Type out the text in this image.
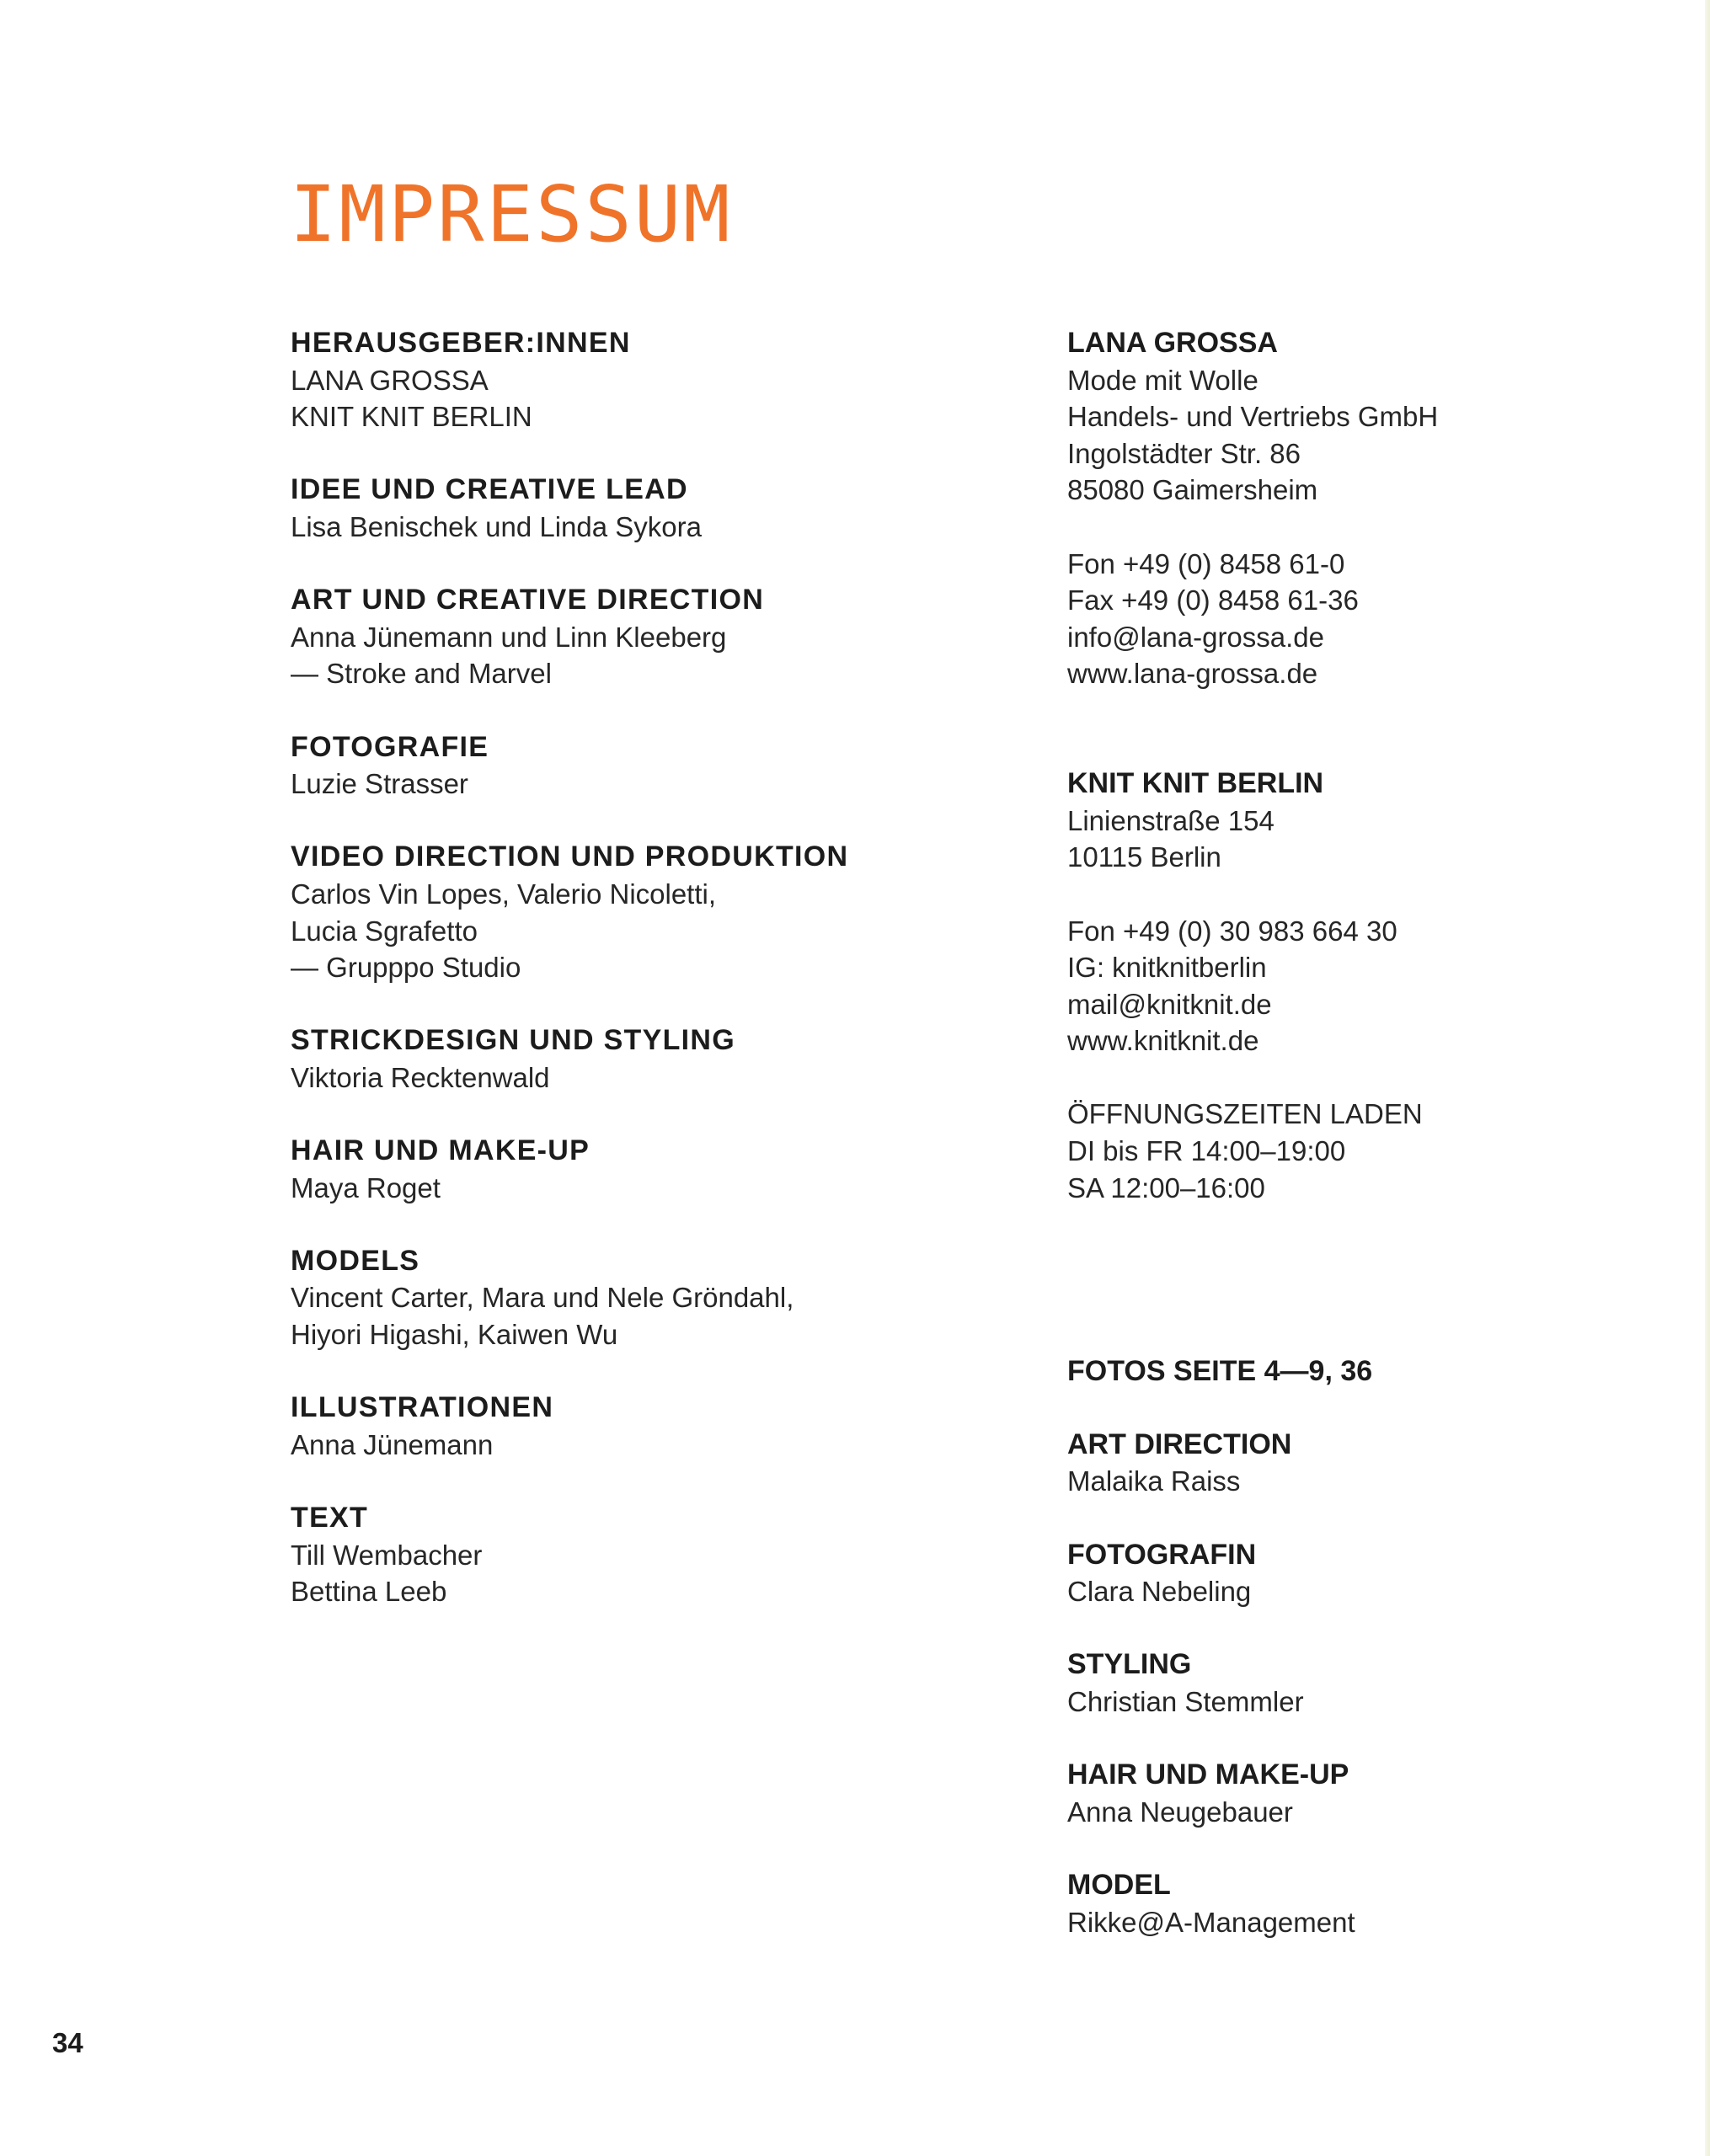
IMPRESSUM
HERAUSGEBER:INNEN
LANA GROSSA
KNIT KNIT BERLIN
IDEE UND CREATIVE LEAD
Lisa Benischek und Linda Sykora
ART UND CREATIVE DIRECTION
Anna Jünemann und Linn Kleeberg
— Stroke and Marvel
FOTOGRAFIE
Luzie Strasser
VIDEO DIRECTION UND PRODUKTION
Carlos Vin Lopes, Valerio Nicoletti,
Lucia Sgrafetto
— Grupppo Studio
STRICKDESIGN UND STYLING
Viktoria Recktenwald
HAIR UND MAKE-UP
Maya Roget
MODELS
Vincent Carter, Mara und Nele Gröndahl,
Hiyori Higashi, Kaiwen Wu
ILLUSTRATIONEN
Anna Jünemann
TEXT
Till Wembacher
Bettina Leeb
LANA GROSSA
Mode mit Wolle
Handels- und Vertriebs GmbH
Ingolstädter Str. 86
85080 Gaimersheim
Fon +49 (0) 8458 61-0
Fax +49 (0) 8458 61-36
info@lana-grossa.de
www.lana-grossa.de
KNIT KNIT BERLIN
Linienstraße 154
10115 Berlin
Fon +49 (0) 30 983 664 30
IG: knitknitberlin
mail@knitknit.de
www.knitknit.de
ÖFFNUNGSZEITEN LADEN
DI bis FR 14:00–19:00
SA 12:00–16:00
FOTOS SEITE 4—9, 36
ART DIRECTION
Malaika Raiss
FOTOGRAFIN
Clara Nebeling
STYLING
Christian Stemmler
HAIR UND MAKE-UP
Anna Neugebauer
MODEL
Rikke@A-Management
34
